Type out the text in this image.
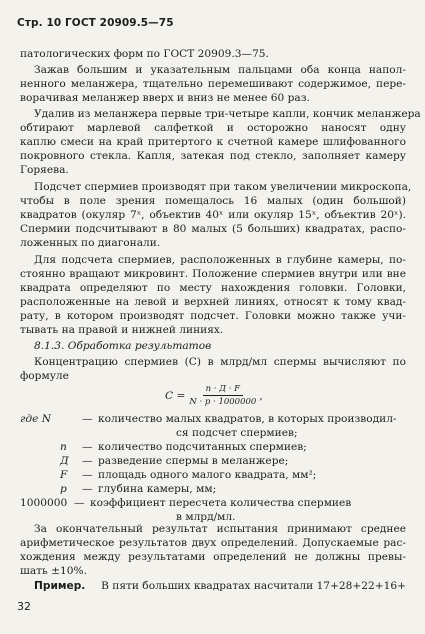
Стр. 10 ГОСТ 20909.5—75
патологических форм по ГОСТ 20909.3—75.
Зажав большим и указательным пальцами оба конца напол-
ненного меланжера, тщательно перемешивают содержимое, пере-
ворачивая меланжер вверх и вниз не менее 60 раз.
Удалив из меланжера первые три-четыре капли, кончик меланжера
обтирают марлевой салфеткой и осторожно наносят одну
каплю смеси на край притертого к счетной камере шлифованного
покровного стекла. Капля, затекая под стекло, заполняет камеру
Горяева.
Подсчет спермиев производят при таком увеличении микроскопа,
чтобы в поле зрения помещалось 16 малых (один большой)
квадратов (окуляр 7ˣ, объектив 40ˣ или окуляр 15ˣ, объектив 20ˣ).
Спермии подсчитывают в 80 малых (5 больших) квадратах, распо-
ложенных по диагонали.
Для подсчета спермиев, расположенных в глубине камеры, по-
стоянно вращают микровинт. Положение спермиев внутри или вне
квадрата определяют по месту нахождения головки. Головки,
расположенные на левой и верхней линиях, относят к тому квад-
рату, в котором производят подсчет. Головки можно также учи-
тывать на правой и нижней линиях.
8.1.3. Обработка результатов
Концентрацию спермиев (С) в млрд/мл спермы вычисляют по
формуле
$C = \frac{n \cdot Д \cdot F}{N \cdot p \cdot 1000000}$ ,
где N	— количество малых квадратов, в которых производил-
ся подсчет спермиев;
n — количество подсчитанных спермиев;
Д — разведение спермы в меланжере;
F — площадь одного малого квадрата, мм²;
p — глубина камеры, мм;
1000000 — коэффициент пересчета количества спермиев
в млрд/мл.
За окончательный результат испытания принимают среднее
арифметическое результатов двух определений. Допускаемые рас-
хождения между результатами определений не должны превы-
шать ±10%.
Пример. В пяти больших квадратах насчитали 17+28+22+16+
32
